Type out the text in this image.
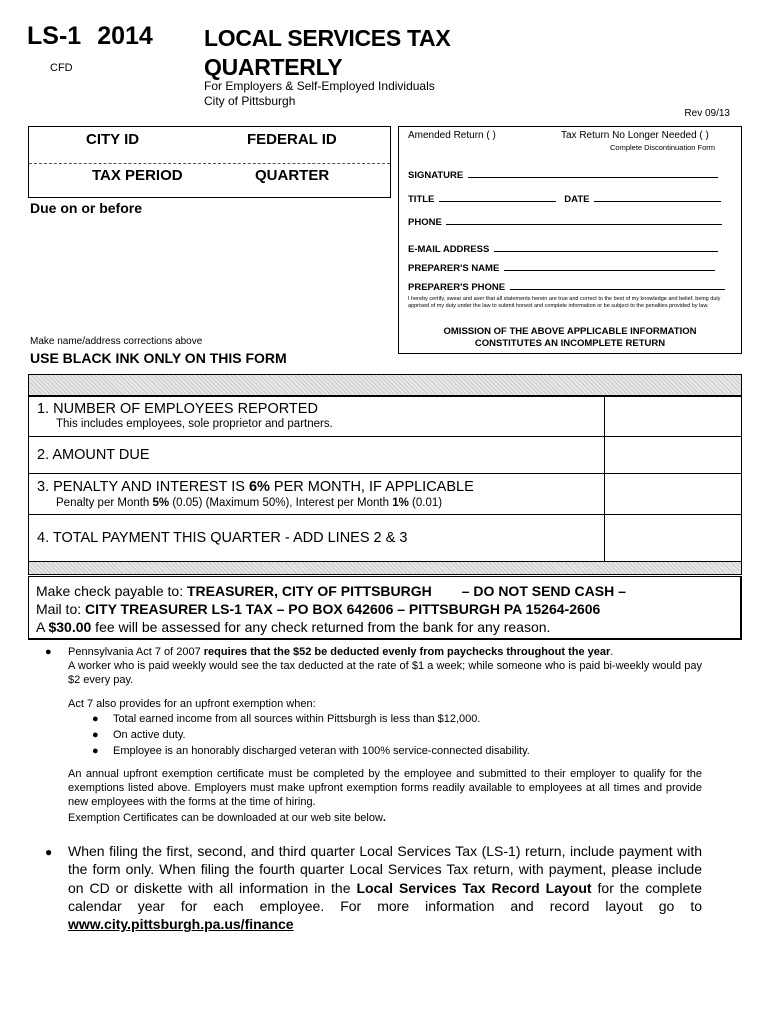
LS-1 2014
CFD
LOCAL SERVICES TAX
QUARTERLY
For Employers & Self-Employed Individuals
City of Pittsburgh
Rev 09/13
CITY ID	FEDERAL ID
TAX PERIOD	QUARTER
Due on or before
Make name/address corrections above
USE BLACK INK ONLY ON THIS FORM
Amended Return ( )	Tax Return No Longer Needed ( )
Complete Discontinuation Form
SIGNATURE
TITLE	DATE
PHONE
E-MAIL ADDRESS
PREPARER'S NAME
PREPARER'S PHONE
I hereby certify, swear and aver that all statements herein are true and correct to the best of my knowledge and belief, being duly apprised of my duty under the law to submit honest and complete information or be subject to the penalties provided by law.
OMISSION OF THE ABOVE APPLICABLE INFORMATION
CONSTITUTES AN INCOMPLETE RETURN
1. NUMBER OF EMPLOYEES REPORTED
This includes employees, sole proprietor and partners.
2. AMOUNT DUE
3. PENALTY AND INTEREST IS 6% PER MONTH, IF APPLICABLE
Penalty per Month 5% (0.05) (Maximum 50%), Interest per Month 1% (0.01)
4. TOTAL PAYMENT THIS QUARTER - ADD LINES 2 & 3
Make check payable to: TREASURER, CITY OF PITTSBURGH – DO NOT SEND CASH –
Mail to: CITY TREASURER LS-1 TAX – PO BOX 642606 – PITTSBURGH PA 15264-2606
A $30.00 fee will be assessed for any check returned from the bank for any reason.
● Pennsylvania Act 7 of 2007 requires that the $52 be deducted evenly from paychecks throughout the year.
A worker who is paid weekly would see the tax deducted at the rate of $1 a week; while someone who is paid bi-weekly would pay $2 every pay.
Act 7 also provides for an upfront exemption when:
● Total earned income from all sources within Pittsburgh is less than $12,000.
● On active duty.
● Employee is an honorably discharged veteran with 100% service-connected disability.
An annual upfront exemption certificate must be completed by the employee and submitted to their employer to qualify for the exemptions listed above. Employers must make upfront exemption forms readily available to employees at all times and provide new employees with the forms at the time of hiring.
Exemption Certificates can be downloaded at our web site below.
● When filing the first, second, and third quarter Local Services Tax (LS-1) return, include payment with the form only. When filing the fourth quarter Local Services Tax return, with payment, please include on CD or diskette with all information in the Local Services Tax Record Layout for the complete calendar year for each employee. For more information and record layout go to www.city.pittsburgh.pa.us/finance
